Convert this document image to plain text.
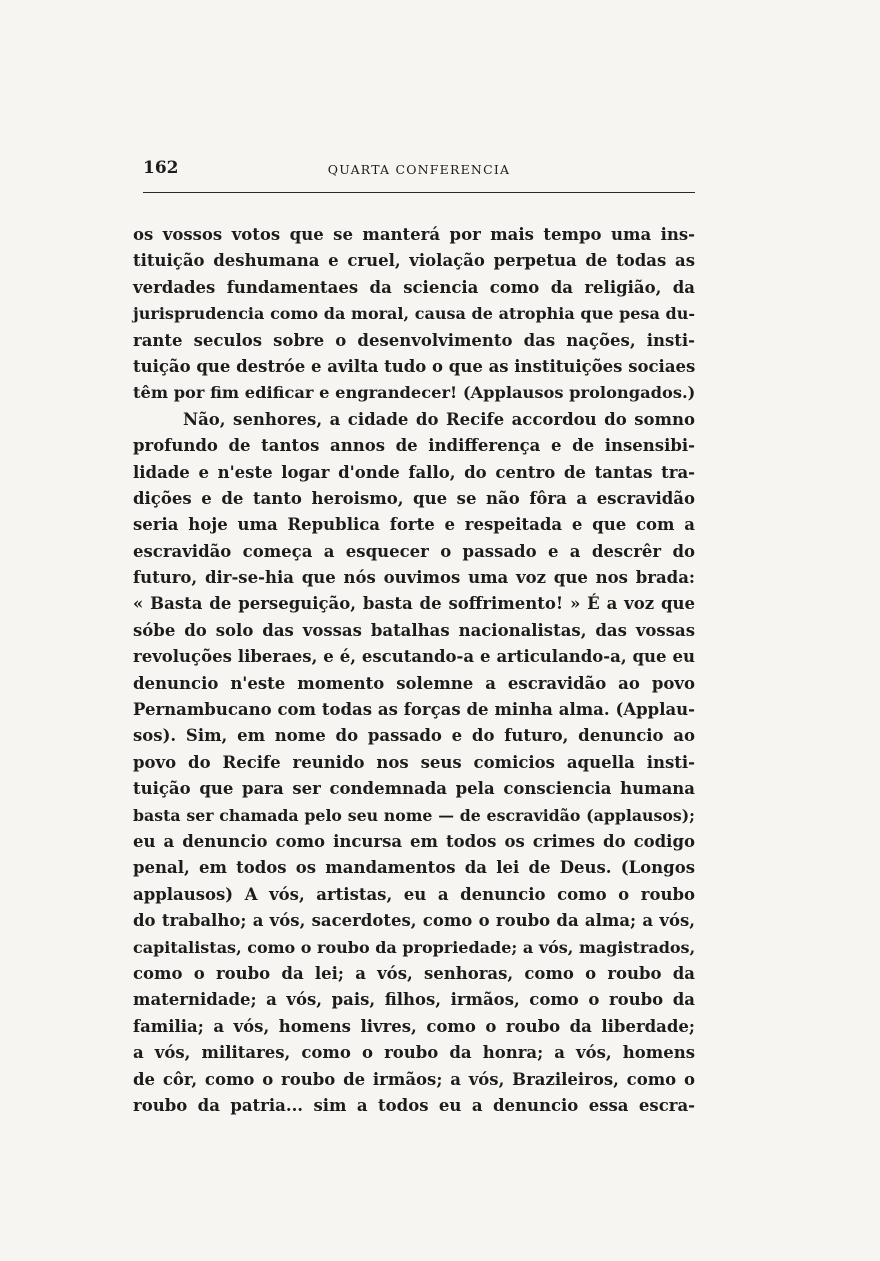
162	QUARTA CONFERENCIA
os vossos votos que se manterá por mais tempo uma ins-
tituição deshumana e cruel, violação perpetua de todas as
verdades fundamentaes da sciencia como da religião, da
jurisprudencia como da moral, causa de atrophia que pesa du-
rante seculos sobre o desenvolvimento das nações, insti-
tuição que destróe e avilta tudo o que as instituições sociaes
têm por fim edificar e engrandecer! (Applausos prolongados.)
Não, senhores, a cidade do Recife accordou do somno
profundo de tantos annos de indifferença e de insensibi-
lidade e n'este logar d'onde fallo, do centro de tantas tra-
dições e de tanto heroismo, que se não fôra a escravidão
seria hoje uma Republica forte e respeitada e que com a
escravidão começa a esquecer o passado e a descrêr do
futuro, dir-se-hia que nós ouvimos uma voz que nos brada:
« Basta de perseguição, basta de soffrimento! » É a voz que
sóbe do solo das vossas batalhas nacionalistas, das vossas
revoluções liberaes, e é, escutando-a e articulando-a, que eu
denuncio n'este momento solemne a escravidão ao povo
Pernambucano com todas as forças de minha alma. (Applau-
sos). Sim, em nome do passado e do futuro, denuncio ao
povo do Recife reunido nos seus comicios aquella insti-
tuição que para ser condemnada pela consciencia humana
basta ser chamada pelo seu nome — de escravidão (applausos);
eu a denuncio como incursa em todos os crimes do codigo
penal, em todos os mandamentos da lei de Deus. (Longos
applausos) A vós, artistas, eu a denuncio como o roubo
do trabalho; a vós, sacerdotes, como o roubo da alma; a vós,
capitalistas, como o roubo da propriedade; a vós, magistrados,
como o roubo da lei; a vós, senhoras, como o roubo da
maternidade; a vós, pais, filhos, irmãos, como o roubo da
familia; a vós, homens livres, como o roubo da liberdade;
a vós, militares, como o roubo da honra; a vós, homens
de côr, como o roubo de irmãos; a vós, Brazileiros, como o
roubo da patria... sim a todos eu a denuncio essa escra-
